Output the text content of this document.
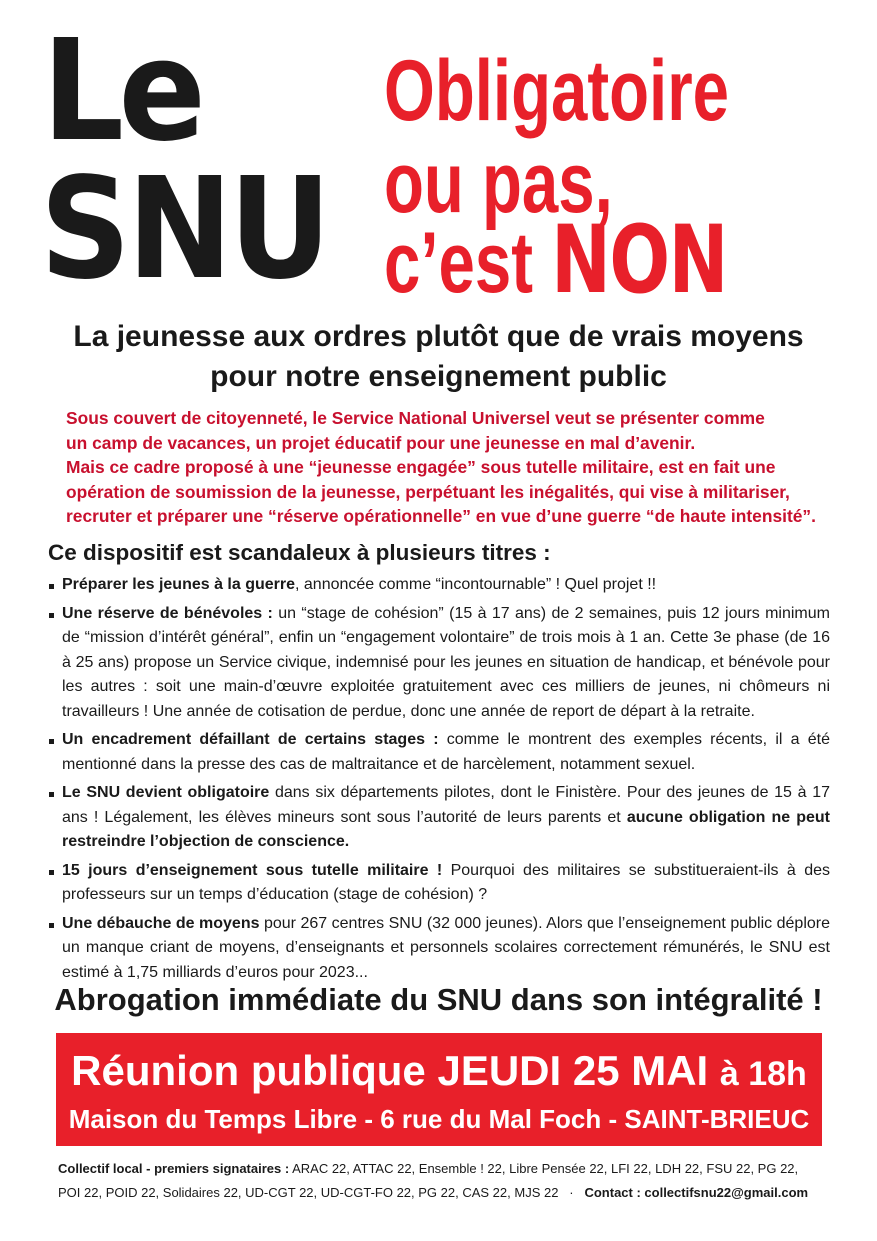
Le
SNU
Obligatoire
ou pas,
c’est NON
La jeunesse aux ordres plutôt que de vrais moyens
pour notre enseignement public
Sous couvert de citoyenneté, le Service National Universel veut se présenter comme
un camp de vacances, un projet éducatif pour une jeunesse en mal d’avenir.
Mais ce cadre proposé à une “jeunesse engagée” sous tutelle militaire, est en fait une
opération de soumission de la jeunesse, perpétuant les inégalités, qui vise à militariser,
recruter et préparer une “réserve opérationnelle” en vue d’une guerre “de haute intensité”.
Ce dispositif est scandaleux à plusieurs titres :
Préparer les jeunes à la guerre, annoncée comme “incontournable” ! Quel projet !!
Une réserve de bénévoles : un “stage de cohésion” (15 à 17 ans) de 2 semaines, puis 12 jours minimum de “mission d’intérêt général”, enfin un “engagement volontaire” de trois mois à 1 an. Cette 3e phase (de 16 à 25 ans) propose un Service civique, indemnisé pour les jeunes en situation de handicap, et bénévole pour les autres : soit une main-d’œuvre exploitée gratuitement avec ces milliers de jeunes, ni chômeurs ni travailleurs ! Une année de cotisation de perdue, donc une année de report de départ à la retraite.
Un encadrement défaillant de certains stages : comme le montrent des exemples récents, il a été mentionné dans la presse des cas de maltraitance et de harcèlement, notamment sexuel.
Le SNU devient obligatoire dans six départements pilotes, dont le Finistère. Pour des jeunes de 15 à 17 ans ! Légalement, les élèves mineurs sont sous l’autorité de leurs parents et aucune obligation ne peut restreindre l’objection de conscience.
15 jours d’enseignement sous tutelle militaire ! Pourquoi des militaires se substitueraient-ils à des professeurs sur un temps d’éducation (stage de cohésion) ?
Une débauche de moyens pour 267 centres SNU (32 000 jeunes). Alors que l’enseignement public déplore un manque criant de moyens, d’enseignants et personnels scolaires correctement rémunérés, le SNU est estimé à 1,75 milliards d’euros pour 2023...
Abrogation immédiate du SNU dans son intégralité !
Réunion publique JEUDI 25 MAI à 18h
Maison du Temps Libre - 6 rue du Mal Foch - SAINT-BRIEUC
Collectif local - premiers signataires : ARAC 22, ATTAC 22, Ensemble ! 22, Libre Pensée 22, LFI 22, LDH 22, FSU 22, PG 22,
POI 22, POID 22, Solidaires 22, UD-CGT 22, UD-CGT-FO 22, PG 22, CAS 22, MJS 22 · Contact : collectifsnu22@gmail.com
